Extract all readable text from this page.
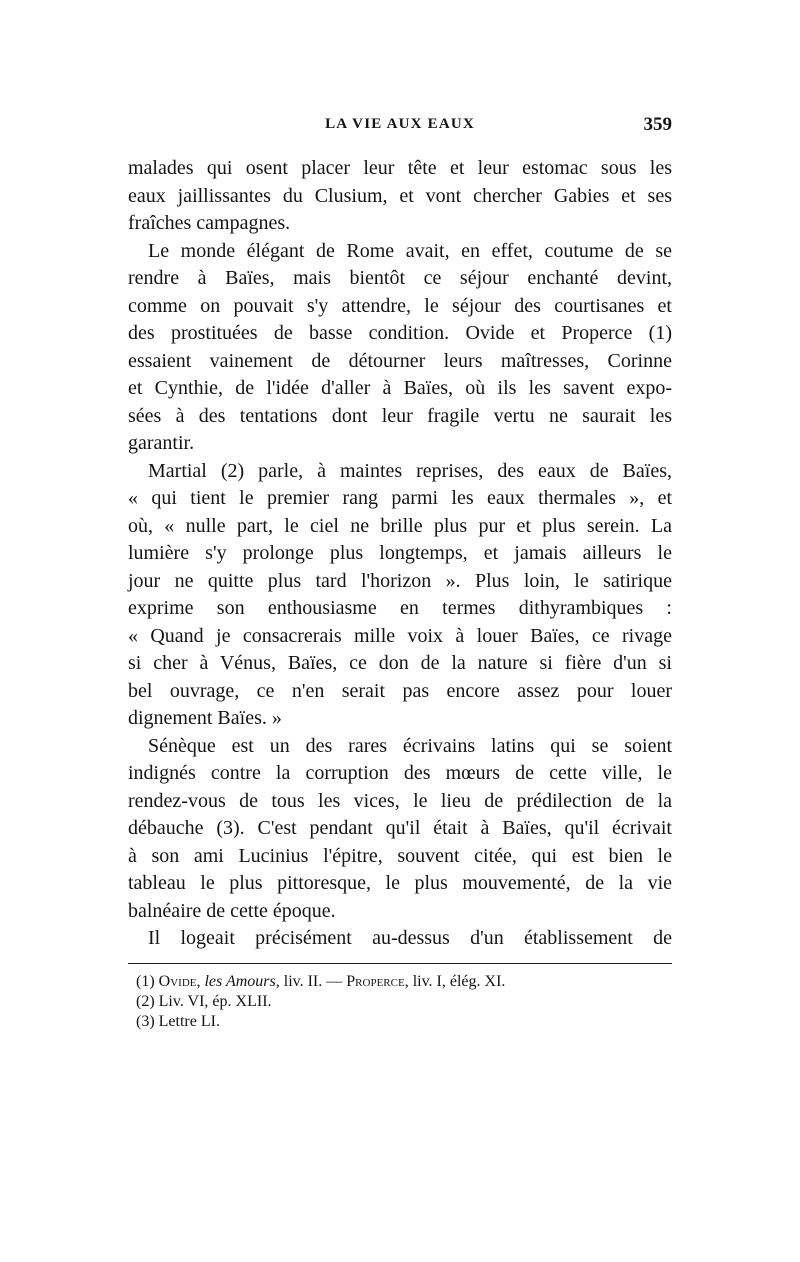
LA VIE AUX EAUX	359
malades qui osent placer leur tête et leur estomac sous les
eaux jaillissantes du Clusium, et vont chercher Gabies et ses
fraîches campagnes.
Le monde élégant de Rome avait, en effet, coutume de se
rendre à Baïes, mais bientôt ce séjour enchanté devint,
comme on pouvait s'y attendre, le séjour des courtisanes et
des prostituées de basse condition. Ovide et Properce (1)
essaient vainement de détourner leurs maîtresses, Corinne
et Cynthie, de l'idée d'aller à Baïes, où ils les savent expo-
sées à des tentations dont leur fragile vertu ne saurait les
garantir.
Martial (2) parle, à maintes reprises, des eaux de Baïes,
« qui tient le premier rang parmi les eaux thermales », et
où, « nulle part, le ciel ne brille plus pur et plus serein. La
lumière s'y prolonge plus longtemps, et jamais ailleurs le
jour ne quitte plus tard l'horizon ». Plus loin, le satirique
exprime son enthousiasme en termes dithyrambiques :
« Quand je consacrerais mille voix à louer Baïes, ce rivage
si cher à Vénus, Baïes, ce don de la nature si fière d'un si
bel ouvrage, ce n'en serait pas encore assez pour louer
dignement Baïes. »
Sénèque est un des rares écrivains latins qui se soient
indignés contre la corruption des mœurs de cette ville, le
rendez-vous de tous les vices, le lieu de prédilection de la
débauche (3). C'est pendant qu'il était à Baïes, qu'il écrivait
à son ami Lucinius l'épitre, souvent citée, qui est bien le
tableau le plus pittoresque, le plus mouvementé, de la vie
balnéaire de cette époque.
Il logeait précisément au-dessus d'un établissement de
(1) Ovide, les Amours, liv. II. — Properce, liv. I, élég. XI.
(2) Liv. VI, ép. XLII.
(3) Lettre LI.
